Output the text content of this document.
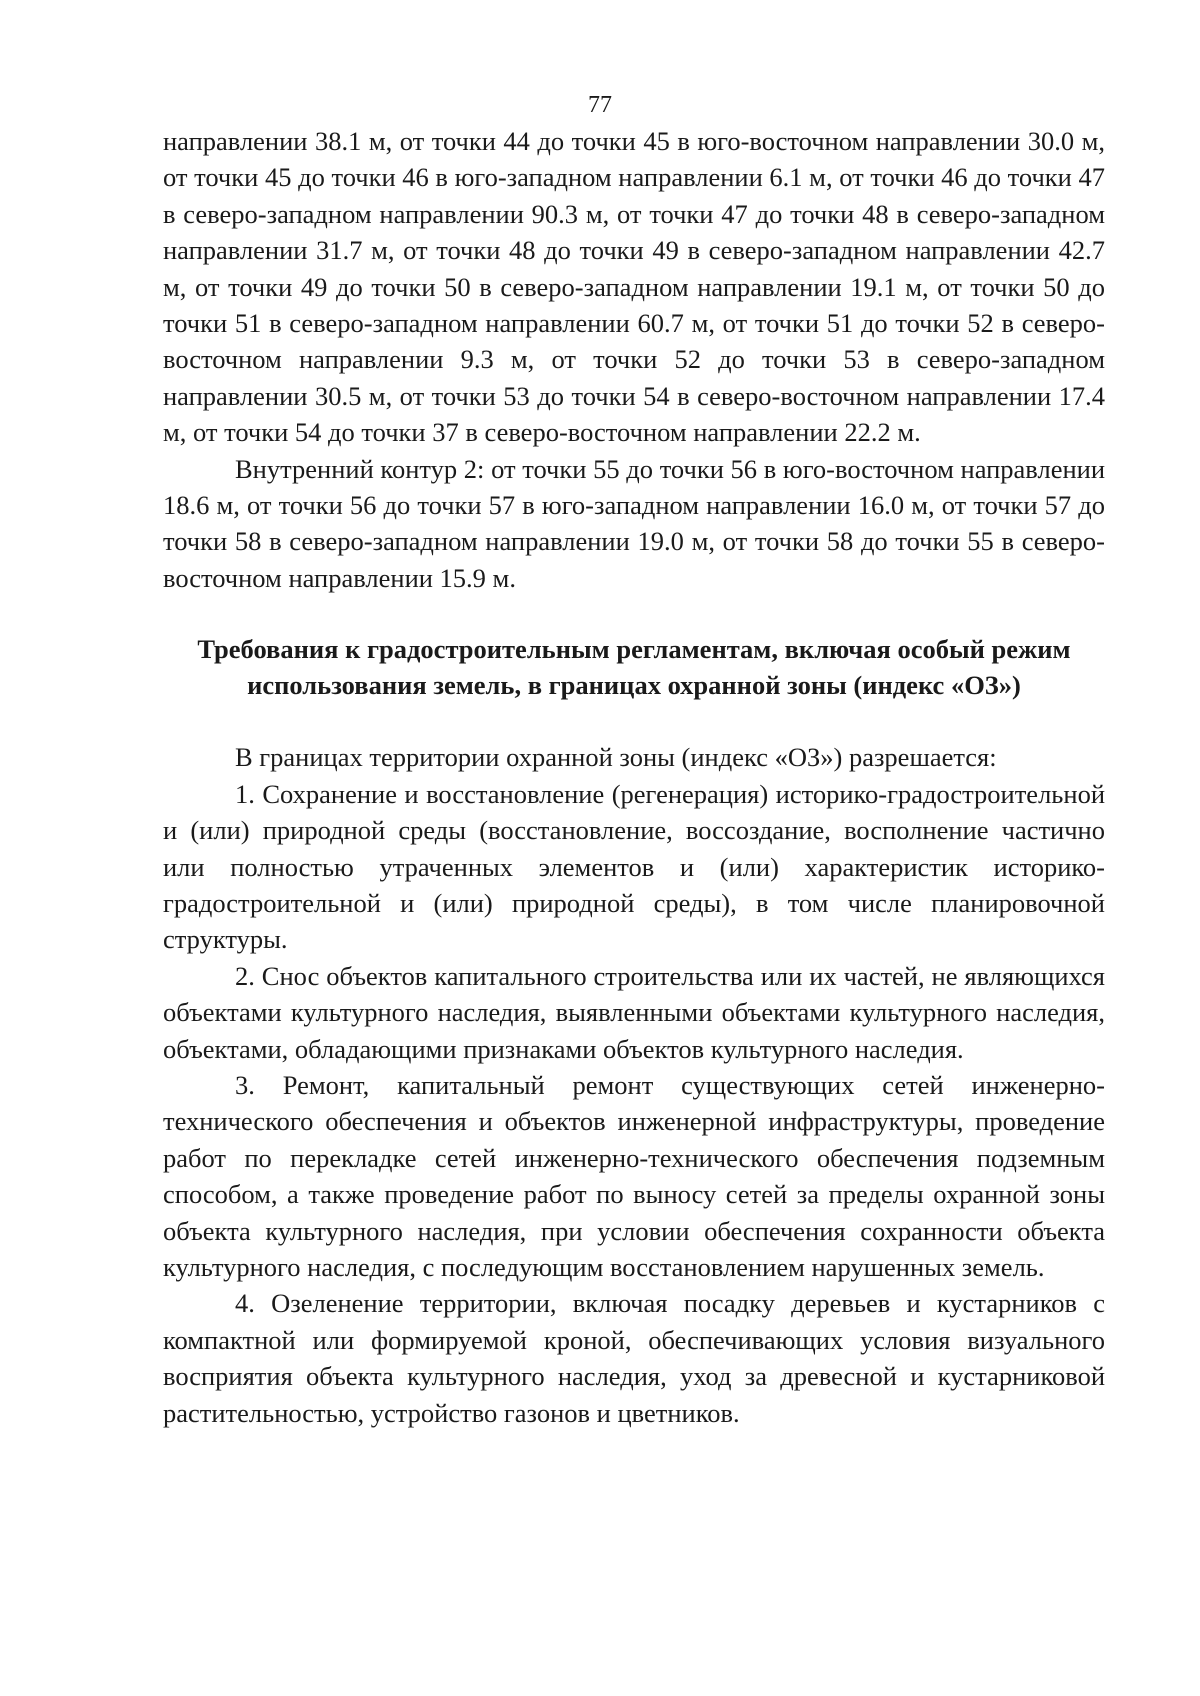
77

направлении 38.1 м, от точки 44 до точки 45 в юго-восточном направлении 30.0 м, от точки 45 до точки 46 в юго-западном направлении 6.1 м, от точки 46 до точки 47 в северо-западном направлении 90.3 м, от точки 47 до точки 48 в северо-западном направлении 31.7 м, от точки 48 до точки 49 в северо-западном направлении 42.7 м, от точки 49 до точки 50 в северо-западном направлении 19.1 м, от точки 50 до точки 51 в северо-западном направлении 60.7 м, от точки 51 до точки 52 в северо-восточном направлении 9.3 м, от точки 52 до точки 53 в северо-западном направлении 30.5 м, от точки 53 до точки 54 в северо-восточном направлении 17.4 м, от точки 54 до точки 37 в северо-восточном направлении 22.2 м.

Внутренний контур 2: от точки 55 до точки 56 в юго-восточном направлении 18.6 м, от точки 56 до точки 57 в юго-западном направлении 16.0 м, от точки 57 до точки 58 в северо-западном направлении 19.0 м, от точки 58 до точки 55 в северо-восточном направлении 15.9 м.

Требования к градостроительным регламентам, включая особый режим
использования земель, в границах охранной зоны (индекс «ОЗ»)

В границах территории охранной зоны (индекс «ОЗ») разрешается:

1. Сохранение и восстановление (регенерация) историко-градостроительной и (или) природной среды (восстановление, воссоздание, восполнение частично или полностью утраченных элементов и (или) характеристик историко-градостроительной и (или) природной среды), в том числе планировочной структуры.

2. Снос объектов капитального строительства или их частей, не являющихся объектами культурного наследия, выявленными объектами культурного наследия, объектами, обладающими признаками объектов культурного наследия.

3. Ремонт, капитальный ремонт существующих сетей инженерно-технического обеспечения и объектов инженерной инфраструктуры, проведение работ по перекладке сетей инженерно-технического обеспечения подземным способом, а также проведение работ по выносу сетей за пределы охранной зоны объекта культурного наследия, при условии обеспечения сохранности объекта культурного наследия, с последующим восстановлением нарушенных земель.

4. Озеленение территории, включая посадку деревьев и кустарников с компактной или формируемой кроной, обеспечивающих условия визуального восприятия объекта культурного наследия, уход за древесной и кустарниковой растительностью, устройство газонов и цветников.
